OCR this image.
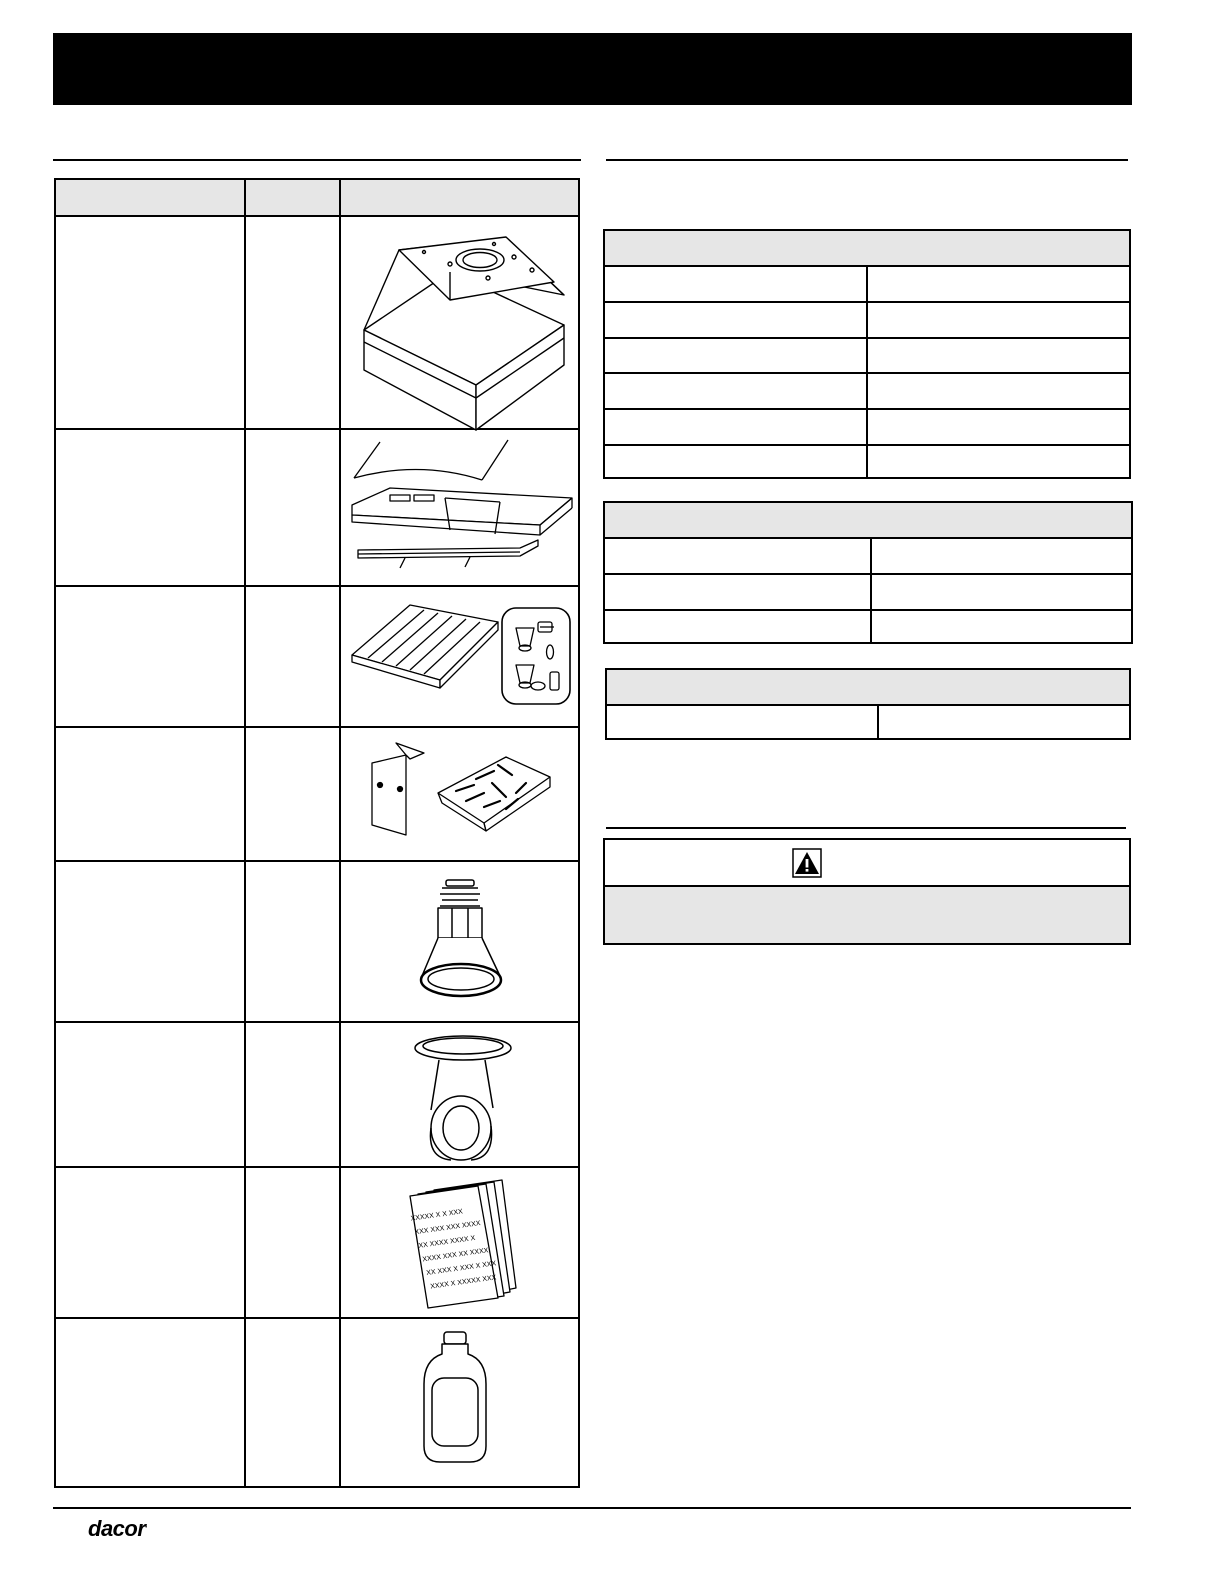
XXXXX X X XXX
XXX XXX XXX XXXX
XX XXXX XXXX X
XXXX XXX XX XXXX
XX XXX X XXX X XXX
XXXX X XXXXX XXX
dacor.
